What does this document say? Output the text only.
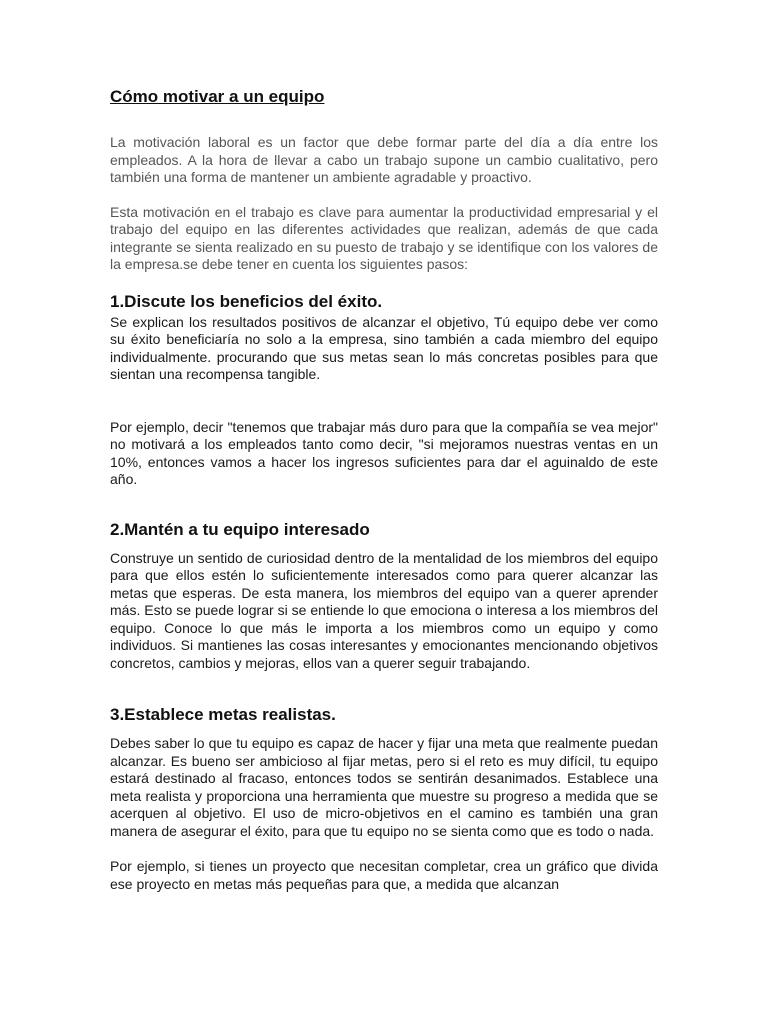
Cómo motivar a un equipo

La motivación laboral es un factor que debe formar parte del día a día entre los empleados. A la hora de llevar a cabo un trabajo supone un cambio cualitativo, pero también una forma de mantener un ambiente agradable y proactivo.

Esta motivación en el trabajo es clave para aumentar la productividad empresarial y el trabajo del equipo en las diferentes actividades que realizan, además de que cada integrante se sienta realizado en su puesto de trabajo y se identifique con los valores de la empresa.se debe tener en cuenta los siguientes pasos:

1.Discute los beneficios del éxito.

Se explican los resultados positivos de alcanzar el objetivo, Tú equipo debe ver como su éxito beneficiaría no solo a la empresa, sino también a cada miembro del equipo individualmente. procurando que sus metas sean lo más concretas posibles para que sientan una recompensa tangible.

Por ejemplo, decir "tenemos que trabajar más duro para que la compañía se vea mejor" no motivará a los empleados tanto como decir, "si mejoramos nuestras ventas en un 10%, entonces vamos a hacer los ingresos suficientes para dar el aguinaldo de este año.

2.Mantén a tu equipo interesado

Construye un sentido de curiosidad dentro de la mentalidad de los miembros del equipo para que ellos estén lo suficientemente interesados como para querer alcanzar las metas que esperas. De esta manera, los miembros del equipo van a querer aprender más. Esto se puede lograr si se entiende lo que emociona o interesa a los miembros del equipo. Conoce lo que más le importa a los miembros como un equipo y como individuos. Si mantienes las cosas interesantes y emocionantes mencionando objetivos concretos, cambios y mejoras, ellos van a querer seguir trabajando.

3.Establece metas realistas.

Debes saber lo que tu equipo es capaz de hacer y fijar una meta que realmente puedan alcanzar. Es bueno ser ambicioso al fijar metas, pero si el reto es muy difícil, tu equipo estará destinado al fracaso, entonces todos se sentirán desanimados. Establece una meta realista y proporciona una herramienta que muestre su progreso a medida que se acerquen al objetivo. El uso de micro-objetivos en el camino es también una gran manera de asegurar el éxito, para que tu equipo no se sienta como que es todo o nada.

Por ejemplo, si tienes un proyecto que necesitan completar, crea un gráfico que divida ese proyecto en metas más pequeñas para que, a medida que alcanzan
